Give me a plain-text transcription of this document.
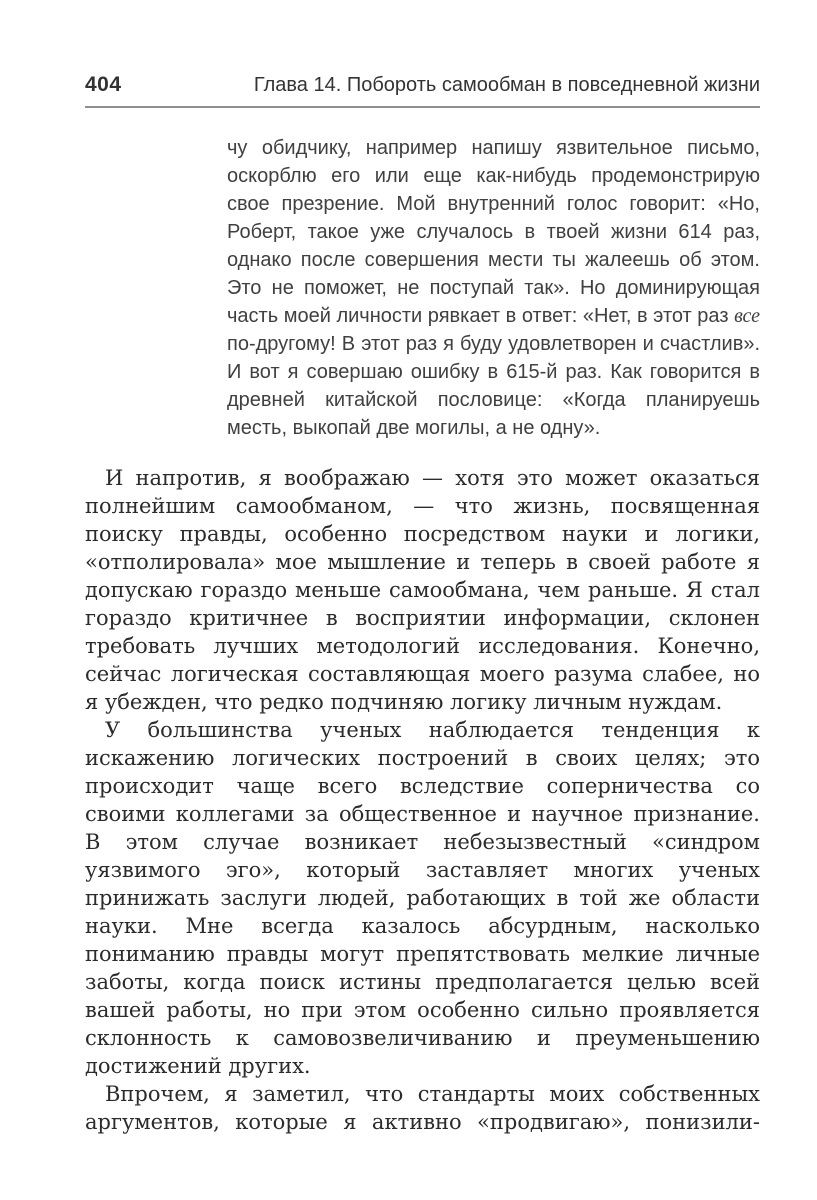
404	Глава 14. Побороть самообман в повседневной жизни
чу обидчику, например напишу язвительное письмо, оскорблю его или еще как-нибудь продемонстрирую свое презрение. Мой внутренний голос говорит: «Но, Роберт, такое уже случалось в твоей жизни 614 раз, однако после совершения мести ты жалеешь об этом. Это не поможет, не поступай так». Но доминирующая часть моей личности рявкает в ответ: «Нет, в этот раз все по-другому! В этот раз я буду удовлетворен и счастлив». И вот я совершаю ошибку в 615-й раз. Как говорится в древней китайской пословице: «Когда планируешь месть, выкопай две могилы, а не одну».

И напротив, я воображаю — хотя это может оказаться полнейшим самообманом, — что жизнь, посвященная поиску правды, особенно посредством науки и логики, «отполировала» мое мышление и теперь в своей работе я допускаю гораздо меньше самообмана, чем раньше. Я стал гораздо критичнее в восприятии информации, склонен требовать лучших методологий исследования. Конечно, сейчас логическая составляющая моего разума слабее, но я убежден, что редко подчиняю логику личным нуждам.

У большинства ученых наблюдается тенденция к искажению логических построений в своих целях; это происходит чаще всего вследствие соперничества со своими коллегами за общественное и научное признание. В этом случае возникает небезызвестный «синдром уязвимого эго», который заставляет многих ученых принижать заслуги людей, работающих в той же области науки. Мне всегда казалось абсурдным, насколько пониманию правды могут препятствовать мелкие личные заботы, когда поиск истины предполагается целью всей вашей работы, но при этом особенно сильно проявляется склонность к самовозвеличиванию и преуменьшению достижений других.

Впрочем, я заметил, что стандарты моих собственных аргументов, которые я активно «продвигаю», понизили-
